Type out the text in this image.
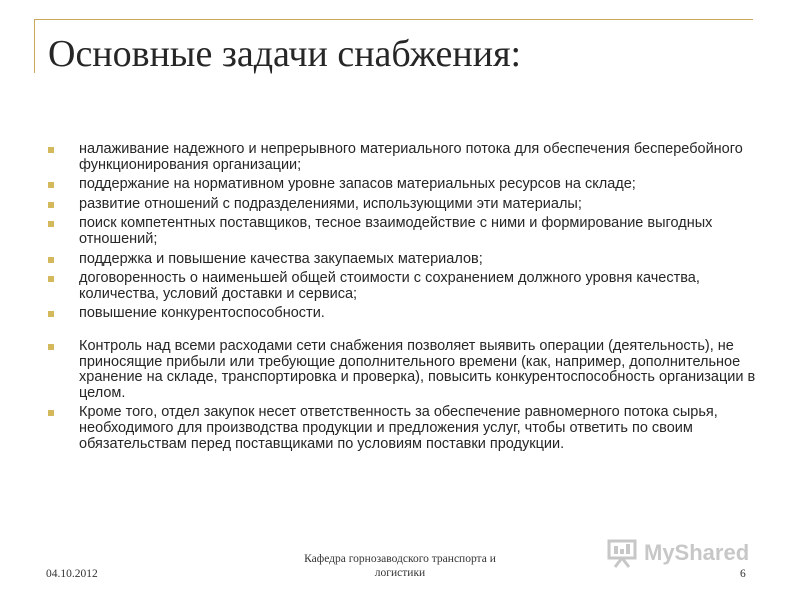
Основные задачи снабжения:
налаживание надежного и непрерывного материального потока для обеспечения бесперебойного функционирования организации;
поддержание на нормативном уровне запасов материальных ресурсов на складе;
развитие отношений с подразделениями, использующими эти материалы;
поиск компетентных поставщиков, тесное взаимодействие с ними и формирование выгодных отношений;
поддержка и повышение качества закупаемых материалов;
договоренность о наименьшей общей стоимости с сохранением должного уровня качества, количества, условий доставки и сервиса;
повышение конкурентоспособности.
Контроль над всеми расходами сети снабжения позволяет выявить операции (деятельность), не приносящие прибыли или требующие дополнительного времени (как, например, дополнительное хранение на складе, транспортировка и проверка), повысить конкурентоспособность организации в целом.
Кроме того, отдел закупок несет ответственность за обеспечение равномерного потока сырья, необходимого для производства продукции и предложения услуг, чтобы ответить по своим обязательствам перед поставщиками по условиям поставки продукции.
MyShared
04.10.2012
Кафедра горнозаводского транспорта и логистики	6
